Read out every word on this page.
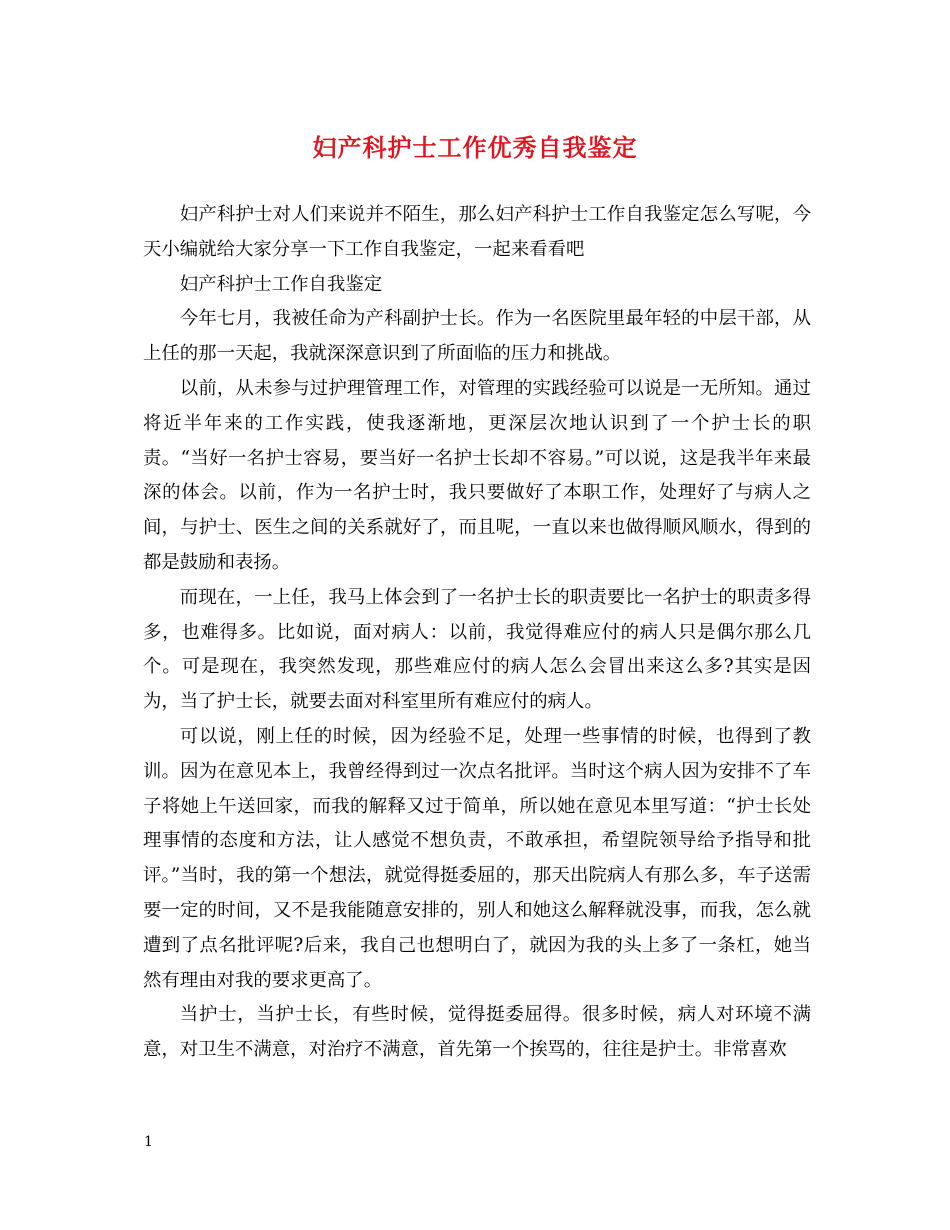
妇产科护士工作优秀自我鉴定

妇产科护士对人们来说并不陌生，那么妇产科护士工作自我鉴定怎么写呢，今天小编就给大家分享一下工作自我鉴定，一起来看看吧

妇产科护士工作自我鉴定

今年七月，我被任命为产科副护士长。作为一名医院里最年轻的中层干部，从上任的那一天起，我就深深意识到了所面临的压力和挑战。

以前，从未参与过护理管理工作，对管理的实践经验可以说是一无所知。通过将近半年来的工作实践，使我逐渐地，更深层次地认识到了一个护士长的职责。“当好一名护士容易，要当好一名护士长却不容易。”可以说，这是我半年来最深的体会。以前，作为一名护士时，我只要做好了本职工作，处理好了与病人之间，与护士、医生之间的关系就好了，而且呢，一直以来也做得顺风顺水，得到的都是鼓励和表扬。

而现在，一上任，我马上体会到了一名护士长的职责要比一名护士的职责多得多，也难得多。比如说，面对病人：以前，我觉得难应付的病人只是偶尔那么几个。可是现在，我突然发现，那些难应付的病人怎么会冒出来这么多?其实是因为，当了护士长，就要去面对科室里所有难应付的病人。

可以说，刚上任的时候，因为经验不足，处理一些事情的时候，也得到了教训。因为在意见本上，我曾经得到过一次点名批评。当时这个病人因为安排不了车子将她上午送回家，而我的解释又过于简单，所以她在意见本里写道：“护士长处理事情的态度和方法，让人感觉不想负责，不敢承担，希望院领导给予指导和批评。”当时，我的第一个想法，就觉得挺委屈的，那天出院病人有那么多，车子送需要一定的时间，又不是我能随意安排的，别人和她这么解释就没事，而我，怎么就遭到了点名批评呢?后来，我自己也想明白了，就因为我的头上多了一条杠，她当然有理由对我的要求更高了。

当护士，当护士长，有些时候，觉得挺委屈得。很多时候，病人对环境不满意，对卫生不满意，对治疗不满意，首先第一个挨骂的，往往是护士。非常喜欢

1
